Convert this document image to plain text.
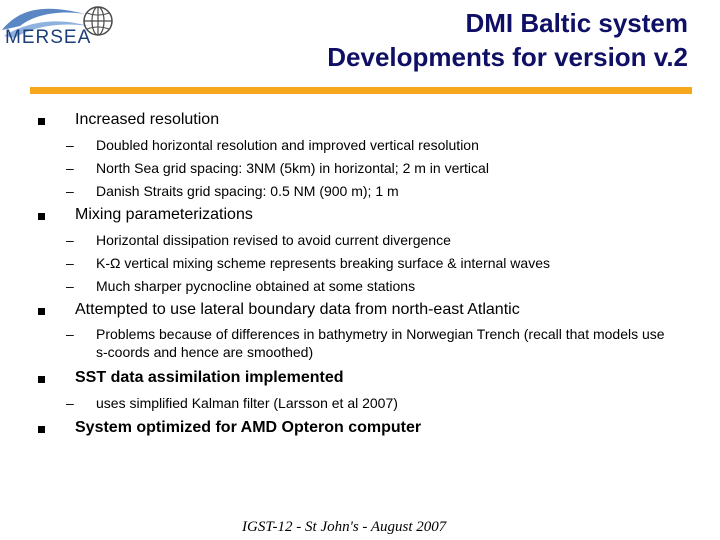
MERSEA	DMI Baltic system
Developments for version v.2
Increased resolution
– Doubled horizontal resolution and improved vertical resolution
– North Sea grid spacing: 3NM (5km) in horizontal; 2 m in vertical
– Danish Straits grid spacing: 0.5 NM (900 m); 1 m
Mixing parameterizations
– Horizontal dissipation revised to avoid current divergence
– K-Ω vertical mixing scheme represents breaking surface & internal waves
– Much sharper pycnocline obtained at some stations
Attempted to use lateral boundary data from north-east Atlantic
– Problems because of differences in bathymetry in Norwegian Trench (recall that models use s-coords and hence are smoothed)
SST data assimilation implemented
– uses simplified Kalman filter (Larsson et al 2007)
System optimized for AMD Opteron computer
IGST-12 - St John's - August 2007
